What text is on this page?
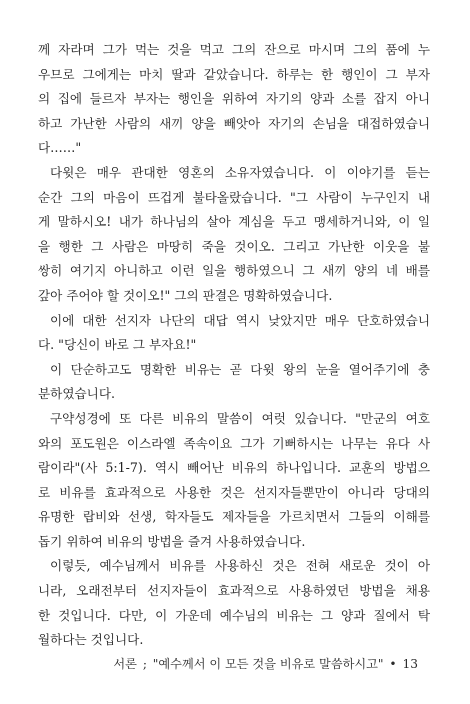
께 자라며 그가 먹는 것을 먹고 그의 잔으로 마시며 그의 품에 누
우므로 그에게는 마치 딸과 같았습니다. 하루는 한 행인이 그 부자
의 집에 들르자 부자는 행인을 위하여 자기의 양과 소를 잡지 아니
하고 가난한 사람의 새끼 양을 빼앗아 자기의 손님을 대접하였습니
다……"
다윗은 매우 관대한 영혼의 소유자였습니다. 이 이야기를 듣는
순간 그의 마음이 뜨겁게 불타올랐습니다. "그 사람이 누구인지 내
게 말하시오! 내가 하나님의 살아 계심을 두고 맹세하거니와, 이 일
을 행한 그 사람은 마땅히 죽을 것이오. 그리고 가난한 이웃을 불
쌍히 여기지 아니하고 이런 일을 행하였으니 그 새끼 양의 네 배를
갚아 주어야 할 것이오!" 그의 판결은 명확하였습니다.
이에 대한 선지자 나단의 대답 역시 낮았지만 매우 단호하였습니
다. "당신이 바로 그 부자요!"
이 단순하고도 명확한 비유는 곧 다윗 왕의 눈을 열어주기에 충
분하였습니다.
구약성경에 또 다른 비유의 말씀이 여럿 있습니다. "만군의 여호
와의 포도원은 이스라엘 족속이요 그가 기뻐하시는 나무는 유다 사
람이라"(사 5:1-7). 역시 빼어난 비유의 하나입니다. 교훈의 방법으
로 비유를 효과적으로 사용한 것은 선지자들뿐만이 아니라 당대의
유명한 랍비와 선생, 학자들도 제자들을 가르치면서 그들의 이해를
돕기 위하여 비유의 방법을 즐겨 사용하였습니다.
이렇듯, 예수님께서 비유를 사용하신 것은 전혀 새로운 것이 아
니라, 오래전부터 선지자들이 효과적으로 사용하였던 방법을 채용
한 것입니다. 다만, 이 가운데 예수님의 비유는 그 양과 질에서 탁
월하다는 것입니다.
서론 ; "예수께서 이 모든 것을 비유로 말씀하시고" • 13
